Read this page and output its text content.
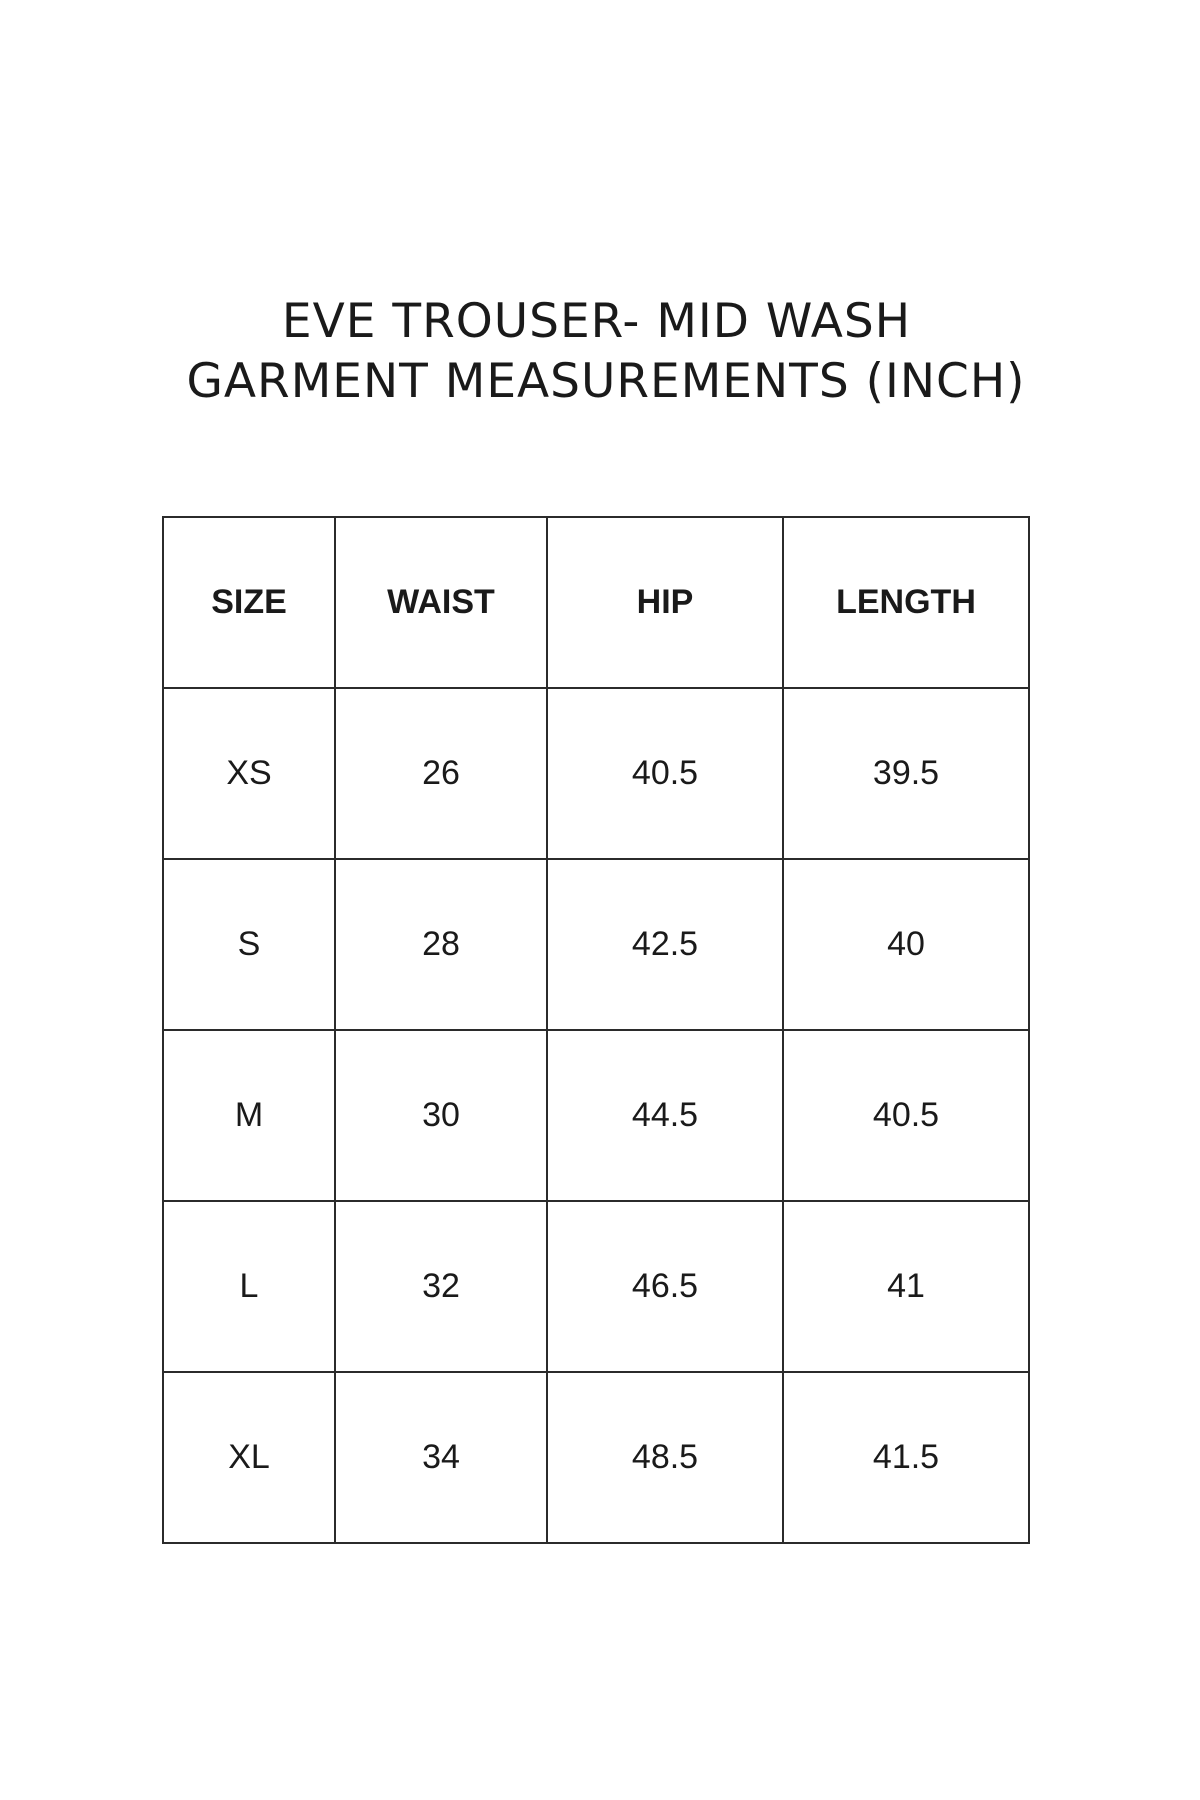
EVE TROUSER- MID WASH
GARMENT MEASUREMENTS (INCH)
SIZE	WAIST	HIP	LENGTH
XS	26	40.5	39.5
S	28	42.5	40
M	30	44.5	40.5
L	32	46.5	41
XL	34	48.5	41.5
